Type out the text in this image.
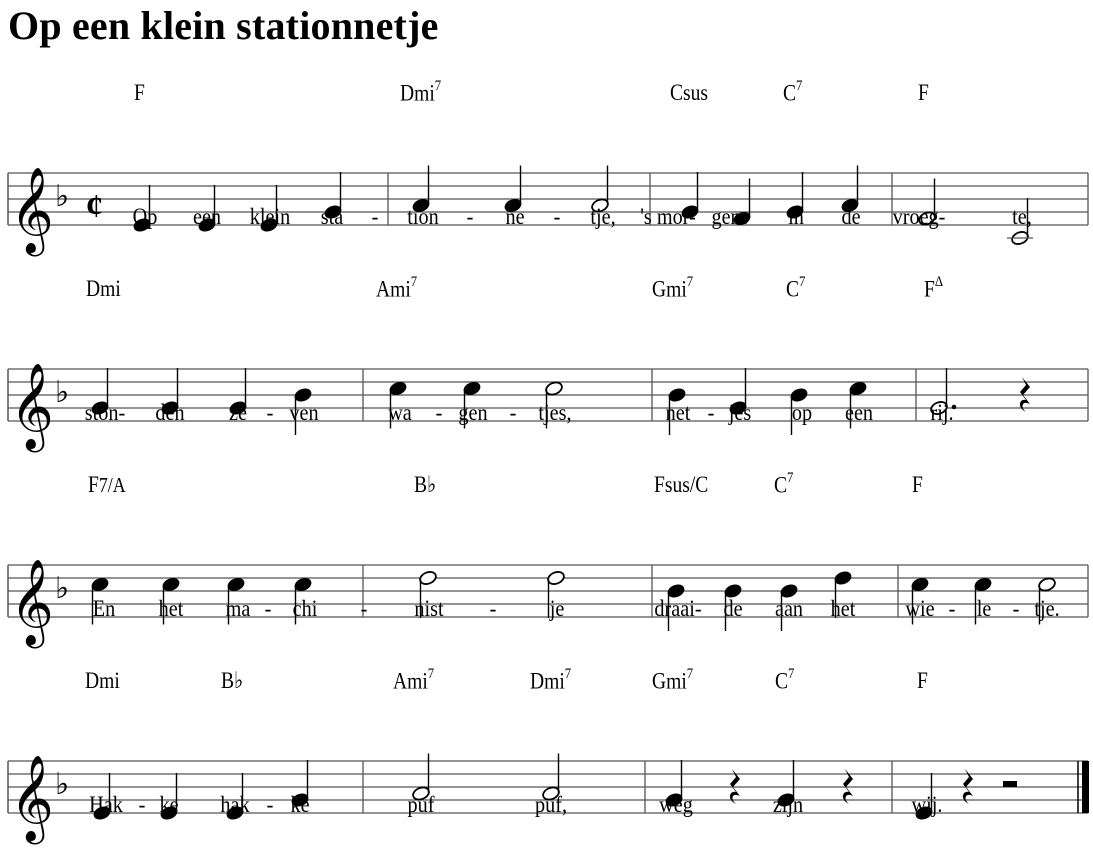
Op een klein stationnetje
𝄞 ♭ ¢
F	Dmi$^7$	Csus	$C^7$	F
Op een klein sta - tion - ne - tje, 's mor- gens in de vroeg-	te,
𝄞 ♭
Dmi	Ami$^7$	Gmi$^7$	$C^7$	$F^\Delta$
ston- den ze - ven	wa - gen - tjes,	net - jes op een rij.
𝄞 ♭
F7/A	B♭	Fsus/C	$C^7$	F
En het ma - chi - nist - je	draai- de aan het wie - le - tje.
𝄞 ♭
Dmi	B♭	Ami$^7$	Dmi$^7$	Gmi$^7$	$C^7$	F
Hak - ke hak - ke	puf	puf,	weg	zijn	wij.
